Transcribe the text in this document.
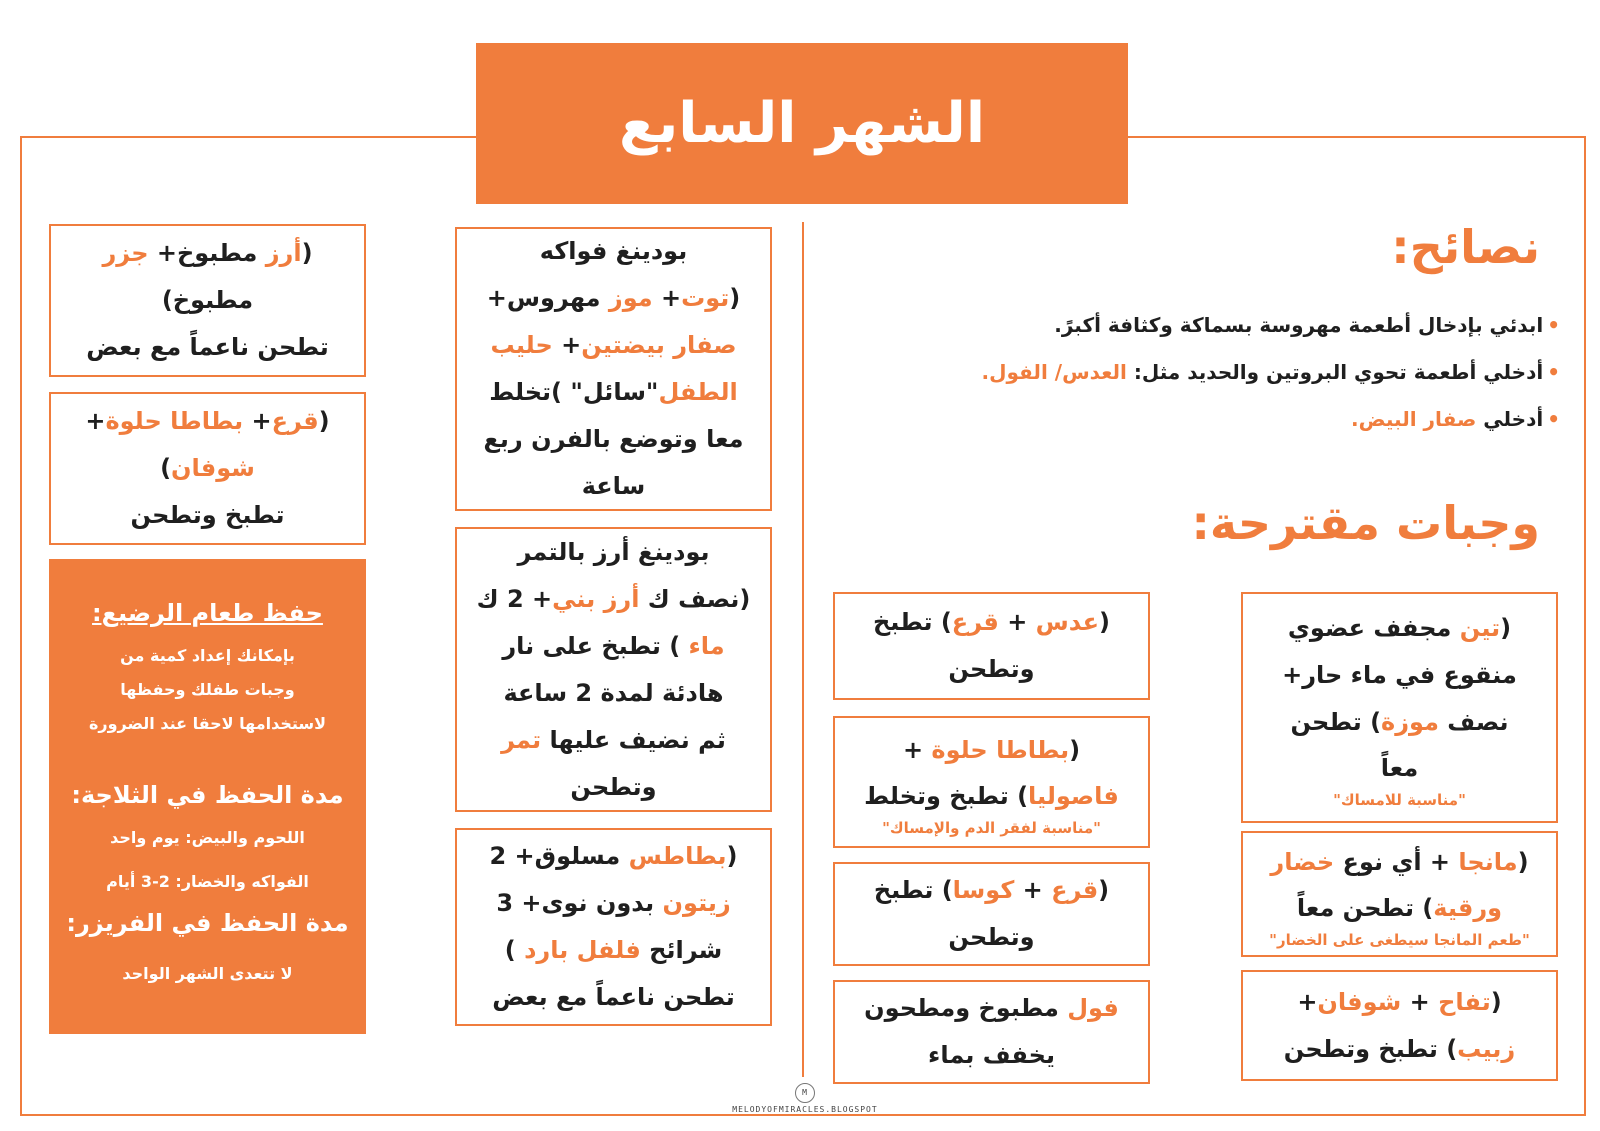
الشهر السابع
نصائح:
•ابدئي بإدخال أطعمة مهروسة بسماكة وكثافة أكبرً.
•أدخلي أطعمة تحوي البروتين والحديد مثل: العدس/ الفول.
•أدخلي صفار البيض.
وجبات مقترحة:

(تين مجفف عضوي

منقوع في ماء حار+

نصف موزة) تطحن

معاً

"مناسبة للامساك"

(مانجا + أي نوع خضار

ورقية) تطحن معاً

"طعم المانجا سيطغى على الخضار"

(تفاح + شوفان+

زبيب) تطبخ وتطحن

(عدس + قرع) تطبخ

وتطحن

(بطاطا حلوة +

فاصوليا) تطبخ وتخلط

"مناسبة لفقر الدم والإمساك"

(قرع + كوسا) تطبخ

وتطحن

فول مطبوخ ومطحون

يخفف بماء

بودينغ فواكه

(توت+ موز مهروس+

صفار بيضتين+ حليب

الطفل"سائل" )تخلط

معا وتوضع بالفرن ربع

ساعة

بودينغ أرز بالتمر

(نصف ك أرز بني+ 2 ك

ماء ) تطبخ على نار

هادئة لمدة 2 ساعة

ثم نضيف عليها تمر

وتطحن

(بطاطس مسلوق+ 2

زيتون بدون نوى+ 3

شرائح فلفل بارد )

تطحن ناعماً مع بعض

(أرز مطبوخ+ جزر

مطبوخ)

تطحن ناعماً مع بعض

(قرع+ بطاطا حلوة+

شوفان)

تطبخ وتطحن

حفظ طعام الرضيع:
بإمكانك إعداد كمية من
وجبات طفلك وحفظها
لاستخدامها لاحقا عند الضرورة
مدة الحفظ في الثلاجة:
اللحوم والبيض: يوم واحد
الفواكه والخضار: 2-3 أيام
مدة الحفظ في الفريزر:
لا تتعدى الشهر الواحد
M
MELODYOFMIRACLES.BLOGSPOT
